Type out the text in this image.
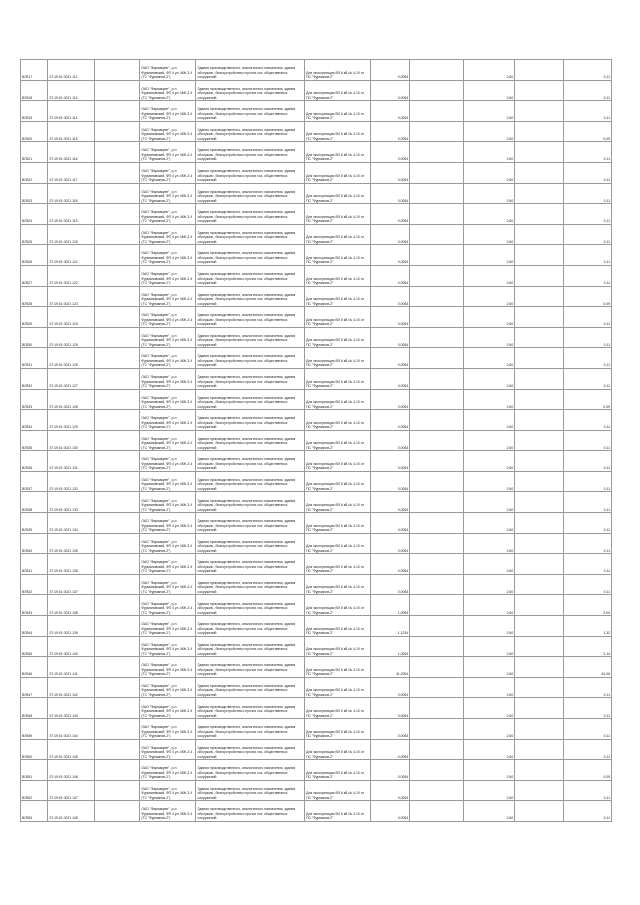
ВЛ517	37:19:01 0021 112		ОАО "Фармацевт", р-н Фурмановский, ФП 4 ул. МЖ-3 4 (ТС "Фурманов-2")	Здания производственного, аналогичного назначения, здания обслужив., благоустройства и прочих хоз. общественных сооружений	Для эксплуатации ВЛ 6 кВ № 4-10 от ПС "Фурманов-2"	0,0054		2,60		0,11
ВЛ518	37:19:01 0021 113		ОАО "Фармацевт", р-н Фурмановский, ФП 4 ул. МЖ-3 4 (ТС "Фурманов-2")	Здания производственного, аналогичного назначения, здания обслужив., благоустройства и прочих хоз. общественных сооружений	Для эксплуатации ВЛ 6 кВ № 4-10 от ПС "Фурманов-2"	0,0054		2,60		0,11
ВЛ519	37:19:01 0021 114		ОАО "Фармацевт", р-н Фурмановский, ФП 4 ул. МЖ-3 4 (ТС "Фурманов-2")	Здания производственного, аналогичного назначения, здания обслужив., благоустройства и прочих хоз. общественных сооружений	Для эксплуатации ВЛ 6 кВ № 4-10 от ПС "Фурманов-2"	0,0054		2,60		0,11
ВЛ520	37:19:01 0021 115		ОАО "Фармацевт", р-н Фурмановский, ФП 4 ул. МЖ-3 4 (ТС "Фурманов-2")	Здания производственного, аналогичного назначения, здания обслужив., благоустройства и прочих хоз. общественных сооружений	Для эксплуатации ВЛ 6 кВ № 4-10 от ПС "Фурманов-2"	0,0054		2,60		0,09
ВЛ521	37:19:01 0021 116		ОАО "Фармацевт", р-н Фурмановский, ФП 4 ул. МЖ-3 4 (ТС "Фурманов-2")	Здания производственного, аналогичного назначения, здания обслужив., благоустройства и прочих хоз. общественных сооружений	Для эксплуатации ВЛ 6 кВ № 4-10 от ПС "Фурманов-2"	0,0054		2,60		0,11
ВЛ522	37:19:01 0021 117		ОАО "Фармацевт", р-н Фурмановский, ФП 4 ул. МЖ-3 4 (ТС "Фурманов-2")	Здания производственного, аналогичного назначения, здания обслужив., благоустройства и прочих хоз. общественных сооружений	Для эксплуатации ВЛ 6 кВ № 4-10 от ПС "Фурманов-2"	0,0054		2,60		0,11
ВЛ523	37:19:01 0021 118		ОАО "Фармацевт", р-н Фурмановский, ФП 4 ул. МЖ-3 4 (ТС "Фурманов-2")	Здания производственного, аналогичного назначения, здания обслужив., благоустройства и прочих хоз. общественных сооружений	Для эксплуатации ВЛ 6 кВ № 4-10 от ПС "Фурманов-2"	0,0054		2,60		0,11
ВЛ524	37:19:01 0021 119		ОАО "Фармацевт", р-н Фурмановский, ФП 4 ул. МЖ-3 4 (ТС "Фурманов-2")	Здания производственного, аналогичного назначения, здания обслужив., благоустройства и прочих хоз. общественных сооружений	Для эксплуатации ВЛ 6 кВ № 4-10 от ПС "Фурманов-2"	0,0054		2,60		0,11
ВЛ525	37:19:01 0021 120		ОАО "Фармацевт", р-н Фурмановский, ФП 4 ул. МЖ-3 4 (ТС "Фурманов-2")	Здания производственного, аналогичного назначения, здания обслужив., благоустройства и прочих хоз. общественных сооружений	Для эксплуатации ВЛ 6 кВ № 4-10 от ПС "Фурманов-2"	0,0054		2,60		0,11
ВЛ526	37:19:01 0021 121		ОАО "Фармацевт", р-н Фурмановский, ФП 4 ул. МЖ-3 4 (ТС "Фурманов-2")	Здания производственного, аналогичного назначения, здания обслужив., благоустройства и прочих хоз. общественных сооружений	Для эксплуатации ВЛ 6 кВ № 4-10 от ПС "Фурманов-2"	0,0054		2,60		0,11
ВЛ527	37:19:01 0021 122		ОАО "Фармацевт", р-н Фурмановский, ФП 4 ул. МЖ-3 4 (ТС "Фурманов-2")	Здания производственного, аналогичного назначения, здания обслужив., благоустройства и прочих хоз. общественных сооружений	Для эксплуатации ВЛ 6 кВ № 4-10 от ПС "Фурманов-2"	0,0054		2,60		0,11
ВЛ528	37:19:01 0021 123		ОАО "Фармацевт", р-н Фурмановский, ФП 4 ул. МЖ-3 4 (ТС "Фурманов-2")	Здания производственного, аналогичного назначения, здания обслужив., благоустройства и прочих хоз. общественных сооружений	Для эксплуатации ВЛ 6 кВ № 4-10 от ПС "Фурманов-2"	0,0054		2,60		0,09
ВЛ529	37:19:01 0021 124		ОАО "Фармацевт", р-н Фурмановский, ФП 4 ул. МЖ-3 4 (ТС "Фурманов-2")	Здания производственного, аналогичного назначения, здания обслужив., благоустройства и прочих хоз. общественных сооружений	Для эксплуатации ВЛ 6 кВ № 4-10 от ПС "Фурманов-2"	0,0054		2,60		0,11
ВЛ530	37:19:01 0021 125		ОАО "Фармацевт", р-н Фурмановский, ФП 4 ул. МЖ-3 4 (ТС "Фурманов-2")	Здания производственного, аналогичного назначения, здания обслужив., благоустройства и прочих хоз. общественных сооружений	Для эксплуатации ВЛ 6 кВ № 4-10 от ПС "Фурманов-2"	0,0054		2,60		0,11
ВЛ531	37:19:01 0021 126		ОАО "Фармацевт", р-н Фурмановский, ФП 4 ул. МЖ-3 4 (ТС "Фурманов-2")	Здания производственного, аналогичного назначения, здания обслужив., благоустройства и прочих хоз. общественных сооружений	Для эксплуатации ВЛ 6 кВ № 4-10 от ПС "Фурманов-2"	0,0054		2,60		0,11
ВЛ532	37:19:01 0021 127		ОАО "Фармацевт", р-н Фурмановский, ФП 4 ул. МЖ-3 4 (ТС "Фурманов-2")	Здания производственного, аналогичного назначения, здания обслужив., благоустройства и прочих хоз. общественных сооружений	Для эксплуатации ВЛ 6 кВ № 4-10 от ПС "Фурманов-2"	0,0054		2,60		0,11
ВЛ533	37:19:01 0021 128		ОАО "Фармацевт", р-н Фурмановский, ФП 4 ул. МЖ-3 4 (ТС "Фурманов-2")	Здания производственного, аналогичного назначения, здания обслужив., благоустройства и прочих хоз. общественных сооружений	Для эксплуатации ВЛ 6 кВ № 4-10 от ПС "Фурманов-2"	0,0054		2,60		0,09
ВЛ534	37:19:01 0021 129		ОАО "Фармацевт", р-н Фурмановский, ФП 4 ул. МЖ-3 4 (ТС "Фурманов-2")	Здания производственного, аналогичного назначения, здания обслужив., благоустройства и прочих хоз. общественных сооружений	Для эксплуатации ВЛ 6 кВ № 4-10 от ПС "Фурманов-2"	0,0054		2,60		0,11
ВЛ535	37:19:01 0021 130		ОАО "Фармацевт", р-н Фурмановский, ФП 4 ул. МЖ-3 4 (ТС "Фурманов-2")	Здания производственного, аналогичного назначения, здания обслужив., благоустройства и прочих хоз. общественных сооружений	Для эксплуатации ВЛ 6 кВ № 4-10 от ПС "Фурманов-2"	0,0054		2,60		0,11
ВЛ536	37:19:01 0021 131		ОАО "Фармацевт", р-н Фурмановский, ФП 4 ул. МЖ-3 4 (ТС "Фурманов-2")	Здания производственного, аналогичного назначения, здания обслужив., благоустройства и прочих хоз. общественных сооружений	Для эксплуатации ВЛ 6 кВ № 4-10 от ПС "Фурманов-2"	0,0054		2,60		0,11
ВЛ537	37:19:01 0021 132		ОАО "Фармацевт", р-н Фурмановский, ФП 4 ул. МЖ-3 4 (ТС "Фурманов-2")	Здания производственного, аналогичного назначения, здания обслужив., благоустройства и прочих хоз. общественных сооружений	Для эксплуатации ВЛ 6 кВ № 4-10 от ПС "Фурманов-2"	0,0054		2,60		0,11
ВЛ538	37:19:01 0021 133		ОАО "Фармацевт", р-н Фурмановский, ФП 4 ул. МЖ-3 4 (ТС "Фурманов-2")	Здания производственного, аналогичного назначения, здания обслужив., благоустройства и прочих хоз. общественных сооружений	Для эксплуатации ВЛ 6 кВ № 4-10 от ПС "Фурманов-2"	0,0054		2,60		0,11
ВЛ539	37:19:01 0021 134		ОАО "Фармацевт", р-н Фурмановский, ФП 4 ул. МЖ-3 4 (ТС "Фурманов-2")	Здания производственного, аналогичного назначения, здания обслужив., благоустройства и прочих хоз. общественных сооружений	Для эксплуатации ВЛ 6 кВ № 4-10 от ПС "Фурманов-2"	0,0054		2,60		0,11
ВЛ540	37:19:01 0021 135		ОАО "Фармацевт", р-н Фурмановский, ФП 4 ул. МЖ-3 4 (ТС "Фурманов-2")	Здания производственного, аналогичного назначения, здания обслужив., благоустройства и прочих хоз. общественных сооружений	Для эксплуатации ВЛ 6 кВ № 4-10 от ПС "Фурманов-2"	0,0054		2,60		0,11
ВЛ541	37:19:01 0021 136		ОАО "Фармацевт", р-н Фурмановский, ФП 4 ул. МЖ-3 4 (ТС "Фурманов-2")	Здания производственного, аналогичного назначения, здания обслужив., благоустройства и прочих хоз. общественных сооружений	Для эксплуатации ВЛ 6 кВ № 4-10 от ПС "Фурманов-2"	0,0054		2,60		0,11
ВЛ542	37:19:01 0021 137		ОАО "Фармацевт", р-н Фурмановский, ФП 4 ул. МЖ-3 4 (ТС "Фурманов-2")	Здания производственного, аналогичного назначения, здания обслужив., благоустройства и прочих хоз. общественных сооружений	Для эксплуатации ВЛ 6 кВ № 4-10 от ПС "Фурманов-2"	0,0054		2,60		0,11
ВЛ543	37:19:01 0021 138		ОАО "Фармацевт", р-н Фурмановский, ФП 4 ул. МЖ-3 4 (ТС "Фурманов-2")	Здания производственного, аналогичного назначения, здания обслужив., благоустройства и прочих хоз. общественных сооружений	Для эксплуатации ВЛ 6 кВ № 4-10 от ПС "Фурманов-2"	1,0054		2,60		2,00
ВЛ544	37:19:01 0021 139		ОАО "Фармацевт", р-н Фурмановский, ФП 4 ул. МЖ-3 4 (ТС "Фурманов-2")	Здания производственного, аналогичного назначения, здания обслужив., благоустройства и прочих хоз. общественных сооружений	Для эксплуатации ВЛ 6 кВ № 4-10 от ПС "Фурманов-2"	1,1234		2,60		1,32
ВЛ545	37:19:01 0021 140		ОАО "Фармацевт", р-н Фурмановский, ФП 4 ул. МЖ-3 4 (ТС "Фурманов-2")	Здания производственного, аналогичного назначения, здания обслужив., благоустройства и прочих хоз. общественных сооружений	Для эксплуатации ВЛ 6 кВ № 4-10 от ПС "Фурманов-2"	1,0054		2,60		2,14
ВЛ546	37:19:01 0021 141		ОАО "Фармацевт", р-н Фурмановский, ФП 4 ул. МЖ-3 4 (ТС "Фурманов-2")	Здания производственного, аналогичного назначения, здания обслужив., благоустройства и прочих хоз. общественных сооружений	Для эксплуатации ВЛ 6 кВ № 4-10 от ПС "Фурманов-2"	41,2054		2,60		61,06
ВЛ547	37:19:01 0021 142		ОАО "Фармацевт", р-н Фурмановский, ФП 4 ул. МЖ-3 4 (ТС "Фурманов-2")	Здания производственного, аналогичного назначения, здания обслужив., благоустройства и прочих хоз. общественных сооружений	Для эксплуатации ВЛ 6 кВ № 4-10 от ПС "Фурманов-2"	0,0054		2,60		0,11
ВЛ548	37:19:01 0021 143		ОАО "Фармацевт", р-н Фурмановский, ФП 4 ул. МЖ-3 4 (ТС "Фурманов-2")	Здания производственного, аналогичного назначения, здания обслужив., благоустройства и прочих хоз. общественных сооружений	Для эксплуатации ВЛ 6 кВ № 4-10 от ПС "Фурманов-2"	0,0054		2,60		0,11
ВЛ549	37:19:01 0021 144		ОАО "Фармацевт", р-н Фурмановский, ФП 4 ул. МЖ-3 4 (ТС "Фурманов-2")	Здания производственного, аналогичного назначения, здания обслужив., благоустройства и прочих хоз. общественных сооружений	Для эксплуатации ВЛ 6 кВ № 4-10 от ПС "Фурманов-2"	0,0054		2,60		0,11
ВЛ550	37:19:01 0021 145		ОАО "Фармацевт", р-н Фурмановский, ФП 4 ул. МЖ-3 4 (ТС "Фурманов-2")	Здания производственного, аналогичного назначения, здания обслужив., благоустройства и прочих хоз. общественных сооружений	Для эксплуатации ВЛ 6 кВ № 4-10 от ПС "Фурманов-2"	0,0054		2,60		0,11
ВЛ551	37:19:01 0021 146		ОАО "Фармацевт", р-н Фурмановский, ФП 4 ул. МЖ-3 4 (ТС "Фурманов-2")	Здания производственного, аналогичного назначения, здания обслужив., благоустройства и прочих хоз. общественных сооружений	Для эксплуатации ВЛ 6 кВ № 4-10 от ПС "Фурманов-2"	0,0054		2,60		0,09
ВЛ552	37:19:01 0021 147		ОАО "Фармацевт", р-н Фурмановский, ФП 4 ул. МЖ-3 4 (ТС "Фурманов-2")	Здания производственного, аналогичного назначения, здания обслужив., благоустройства и прочих хоз. общественных сооружений	Для эксплуатации ВЛ 6 кВ № 4-10 от ПС "Фурманов-2"	0,0054		2,60		0,11
ВЛ553	37:19:01 0021 148		ОАО "Фармацевт", р-н Фурмановский, ФП 4 ул. МЖ-3 4 (ТС "Фурманов-2")	Здания производственного, аналогичного назначения, здания обслужив., благоустройства и прочих хоз. общественных сооружений	Для эксплуатации ВЛ 6 кВ № 4-10 от ПС "Фурманов-2"	0,0054		2,60		0,11
